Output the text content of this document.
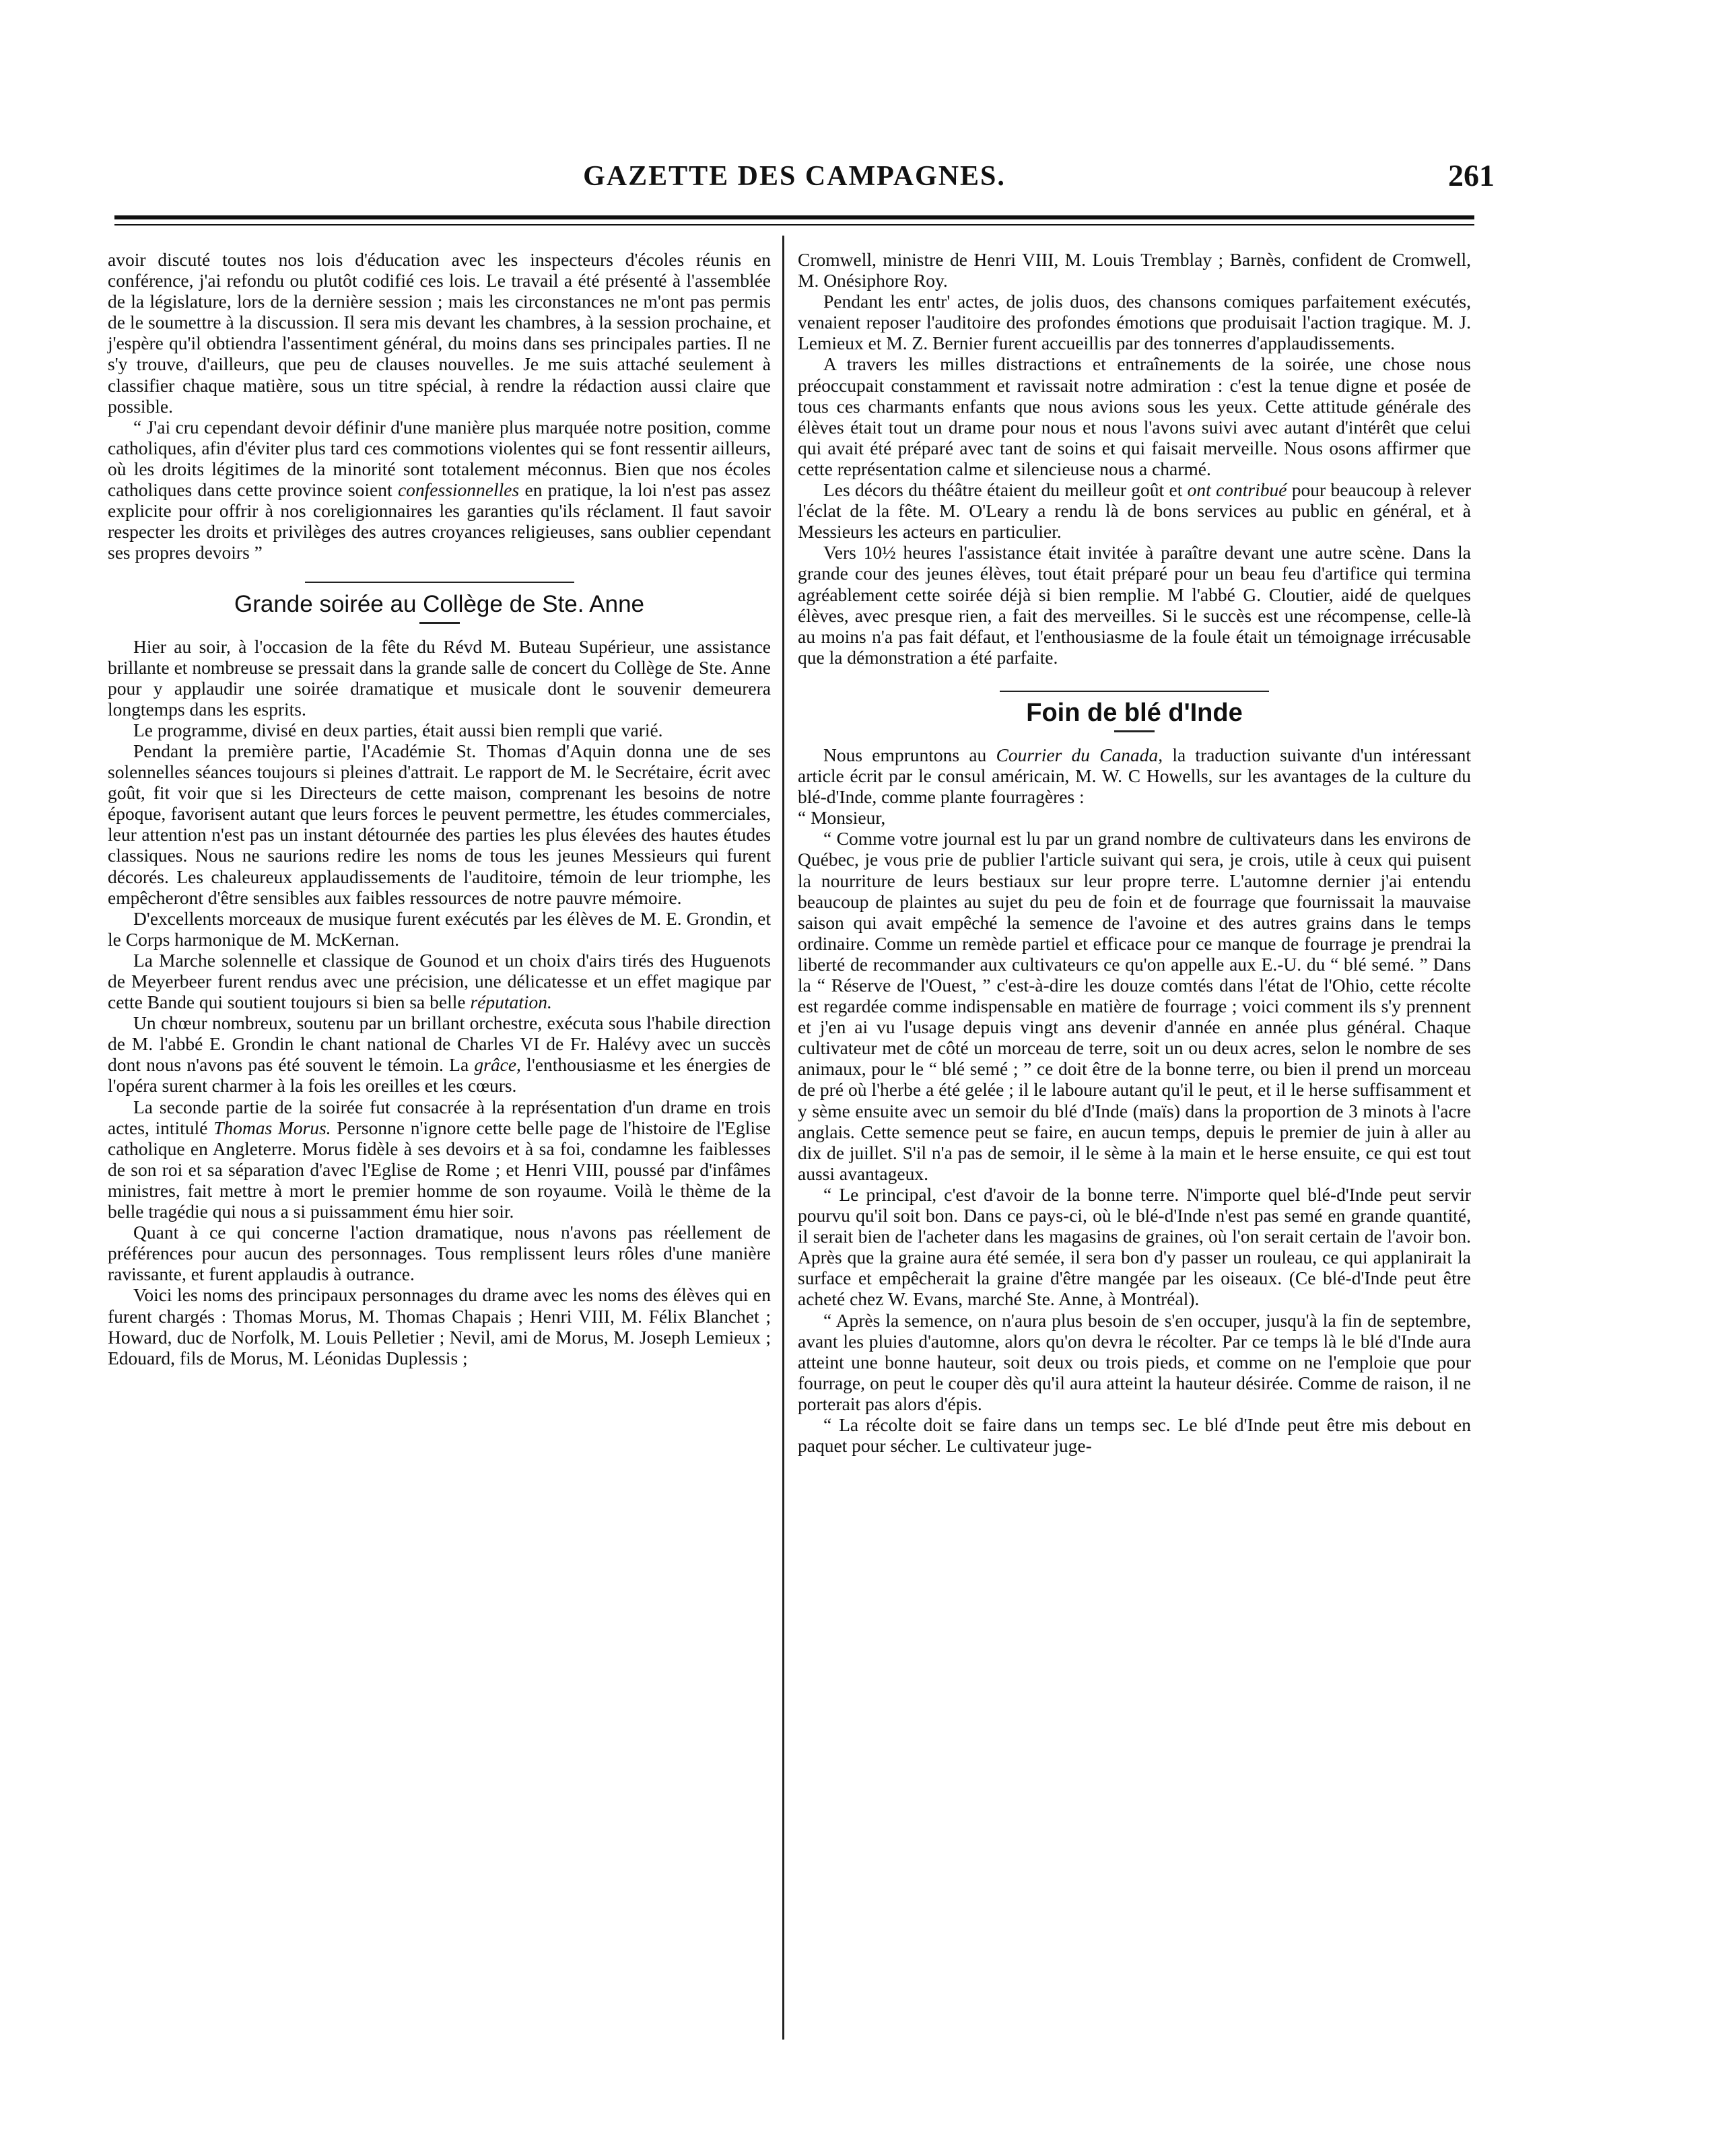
GAZETTE DES CAMPAGNES.	261

avoir discuté toutes nos lois d'éducation avec les inspecteurs d'écoles réunis en conférence, j'ai refondu ou plutôt codifié ces lois. Le travail a été présenté à l'assemblée de la législature, lors de la dernière session ; mais les circonstances ne m'ont pas permis de le soumettre à la discussion. Il sera mis devant les chambres, à la session prochaine, et j'espère qu'il obtiendra l'assentiment général, du moins dans ses principales parties. Il ne s'y trouve, d'ailleurs, que peu de clauses nouvelles. Je me suis attaché seulement à classifier chaque matière, sous un titre spécial, à rendre la rédaction aussi claire que possible.

“ J'ai cru cependant devoir définir d'une manière plus marquée notre position, comme catholiques, afin d'éviter plus tard ces commotions violentes qui se font ressentir ailleurs, où les droits légitimes de la minorité sont totalement méconnus. Bien que nos écoles catholiques dans cette province soient confessionnelles en pratique, la loi n'est pas assez explicite pour offrir à nos coreligionnaires les garanties qu'ils réclament. Il faut savoir respecter les droits et privilèges des autres croyances religieuses, sans oublier cependant ses propres devoirs ”

Grande soirée au Collège de Ste. Anne

Hier au soir, à l'occasion de la fête du Révd M. Buteau Supérieur, une assistance brillante et nombreuse se pressait dans la grande salle de concert du Collège de Ste. Anne pour y applaudir une soirée dramatique et musicale dont le souvenir demeurera longtemps dans les esprits.

Le programme, divisé en deux parties, était aussi bien rempli que varié.

Pendant la première partie, l'Académie St. Thomas d'Aquin donna une de ses solennelles séances toujours si pleines d'attrait. Le rapport de M. le Secrétaire, écrit avec goût, fit voir que si les Directeurs de cette maison, comprenant les besoins de notre époque, favorisent autant que leurs forces le peuvent permettre, les études commerciales, leur attention n'est pas un instant détournée des parties les plus élevées des hautes études classiques. Nous ne saurions redire les noms de tous les jeunes Messieurs qui furent décorés. Les chaleureux applaudissements de l'auditoire, témoin de leur triomphe, les empêcheront d'être sensibles aux faibles ressources de notre pauvre mémoire.

D'excellents morceaux de musique furent exécutés par les élèves de M. E. Grondin, et le Corps harmonique de M. McKernan.

La Marche solennelle et classique de Gounod et un choix d'airs tirés des Huguenots de Meyerbeer furent rendus avec une précision, une délicatesse et un effet magique par cette Bande qui soutient toujours si bien sa belle réputation.

Un chœur nombreux, soutenu par un brillant orchestre, exécuta sous l'habile direction de M. l'abbé E. Grondin le chant national de Charles VI de Fr. Halévy avec un succès dont nous n'avons pas été souvent le témoin. La grâce, l'enthousiasme et les énergies de l'opéra surent charmer à la fois les oreilles et les cœurs.

La seconde partie de la soirée fut consacrée à la représentation d'un drame en trois actes, intitulé Thomas Morus. Personne n'ignore cette belle page de l'histoire de l'Eglise catholique en Angleterre. Morus fidèle à ses devoirs et à sa foi, condamne les faiblesses de son roi et sa séparation d'avec l'Eglise de Rome ; et Henri VIII, poussé par d'infâmes ministres, fait mettre à mort le premier homme de son royaume. Voilà le thème de la belle tragédie qui nous a si puissamment ému hier soir.

Quant à ce qui concerne l'action dramatique, nous n'avons pas réellement de préférences pour aucun des personnages. Tous remplissent leurs rôles d'une manière ravissante, et furent applaudis à outrance.

Voici les noms des principaux personnages du drame avec les noms des élèves qui en furent chargés : Thomas Morus, M. Thomas Chapais ; Henri VIII, M. Félix Blanchet ; Howard, duc de Norfolk, M. Louis Pelletier ; Nevil, ami de Morus, M. Joseph Lemieux ; Edouard, fils de Morus, M. Léonidas Duplessis ;

Cromwell, ministre de Henri VIII, M. Louis Tremblay ; Barnès, confident de Cromwell, M. Onésiphore Roy.

Pendant les entr' actes, de jolis duos, des chansons comiques parfaitement exécutés, venaient reposer l'auditoire des profondes émotions que produisait l'action tragique. M. J. Lemieux et M. Z. Bernier furent accueillis par des tonnerres d'applaudissements.

A travers les milles distractions et entraînements de la soirée, une chose nous préoccupait constamment et ravissait notre admiration : c'est la tenue digne et posée de tous ces charmants enfants que nous avions sous les yeux. Cette attitude générale des élèves était tout un drame pour nous et nous l'avons suivi avec autant d'intérêt que celui qui avait été préparé avec tant de soins et qui faisait merveille. Nous osons affirmer que cette représentation calme et silencieuse nous a charmé.

Les décors du théâtre étaient du meilleur goût et ont contribué pour beaucoup à relever l'éclat de la fête. M. O'Leary a rendu là de bons services au public en général, et à Messieurs les acteurs en particulier.

Vers 10½ heures l'assistance était invitée à paraître devant une autre scène. Dans la grande cour des jeunes élèves, tout était préparé pour un beau feu d'artifice qui termina agréablement cette soirée déjà si bien remplie. M l'abbé G. Cloutier, aidé de quelques élèves, avec presque rien, a fait des merveilles. Si le succès est une récompense, celle-là au moins n'a pas fait défaut, et l'enthousiasme de la foule était un témoignage irrécusable que la démonstration a été parfaite.

Foin de blé d'Inde

Nous empruntons au Courrier du Canada, la traduction suivante d'un intéressant article écrit par le consul américain, M. W. C Howells, sur les avantages de la culture du blé-d'Inde, comme plante fourragères :

“ Monsieur,

“ Comme votre journal est lu par un grand nombre de cultivateurs dans les environs de Québec, je vous prie de publier l'article suivant qui sera, je crois, utile à ceux qui puisent la nourriture de leurs bestiaux sur leur propre terre. L'automne dernier j'ai entendu beaucoup de plaintes au sujet du peu de foin et de fourrage que fournissait la mauvaise saison qui avait empêché la semence de l'avoine et des autres grains dans le temps ordinaire. Comme un remède partiel et efficace pour ce manque de fourrage je prendrai la liberté de recommander aux cultivateurs ce qu'on appelle aux E.-U. du “ blé semé. ” Dans la “ Réserve de l'Ouest, ” c'est-à-dire les douze comtés dans l'état de l'Ohio, cette récolte est regardée comme indispensable en matière de fourrage ; voici comment ils s'y prennent et j'en ai vu l'usage depuis vingt ans devenir d'année en année plus général. Chaque cultivateur met de côté un morceau de terre, soit un ou deux acres, selon le nombre de ses animaux, pour le “ blé semé ; ” ce doit être de la bonne terre, ou bien il prend un morceau de pré où l'herbe a été gelée ; il le laboure autant qu'il le peut, et il le herse suffisamment et y sème ensuite avec un semoir du blé d'Inde (maïs) dans la proportion de 3 minots à l'acre anglais. Cette semence peut se faire, en aucun temps, depuis le premier de juin à aller au dix de juillet. S'il n'a pas de semoir, il le sème à la main et le herse ensuite, ce qui est tout aussi avantageux.

“ Le principal, c'est d'avoir de la bonne terre. N'importe quel blé-d'Inde peut servir pourvu qu'il soit bon. Dans ce pays-ci, où le blé-d'Inde n'est pas semé en grande quantité, il serait bien de l'acheter dans les magasins de graines, où l'on serait certain de l'avoir bon. Après que la graine aura été semée, il sera bon d'y passer un rouleau, ce qui applanirait la surface et empêcherait la graine d'être mangée par les oiseaux. (Ce blé-d'Inde peut être acheté chez W. Evans, marché Ste. Anne, à Montréal).

“ Après la semence, on n'aura plus besoin de s'en occuper, jusqu'à la fin de septembre, avant les pluies d'automne, alors qu'on devra le récolter. Par ce temps là le blé d'Inde aura atteint une bonne hauteur, soit deux ou trois pieds, et comme on ne l'emploie que pour fourrage, on peut le couper dès qu'il aura atteint la hauteur désirée. Comme de raison, il ne porterait pas alors d'épis.

“ La récolte doit se faire dans un temps sec. Le blé d'Inde peut être mis debout en paquet pour sécher. Le cultivateur juge-
